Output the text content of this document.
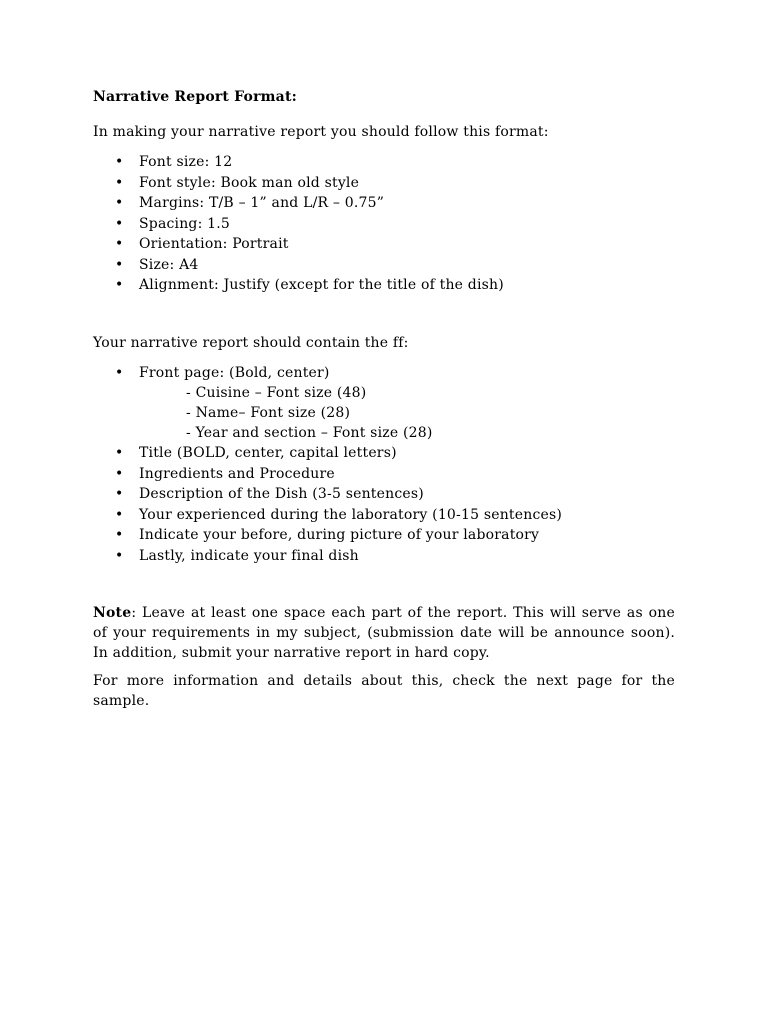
Narrative Report Format:

In making your narrative report you should follow this format:

• Font size: 12
• Font style: Book man old style
• Margins: T/B – 1” and L/R – 0.75”
• Spacing: 1.5
• Orientation: Portrait
• Size: A4
• Alignment: Justify (except for the title of the dish)

Your narrative report should contain the ff:

• Front page: (Bold, center)
- Cuisine – Font size (48)
- Name– Font size (28)
- Year and section – Font size (28)
• Title (BOLD, center, capital letters)
• Ingredients and Procedure
• Description of the Dish (3-5 sentences)
• Your experienced during the laboratory (10-15 sentences)
• Indicate your before, during picture of your laboratory
• Lastly, indicate your final dish

Note: Leave at least one space each part of the report. This will serve as one of your requirements in my subject, (submission date will be announce soon). In addition, submit your narrative report in hard copy.

For more information and details about this, check the next page for the sample.
